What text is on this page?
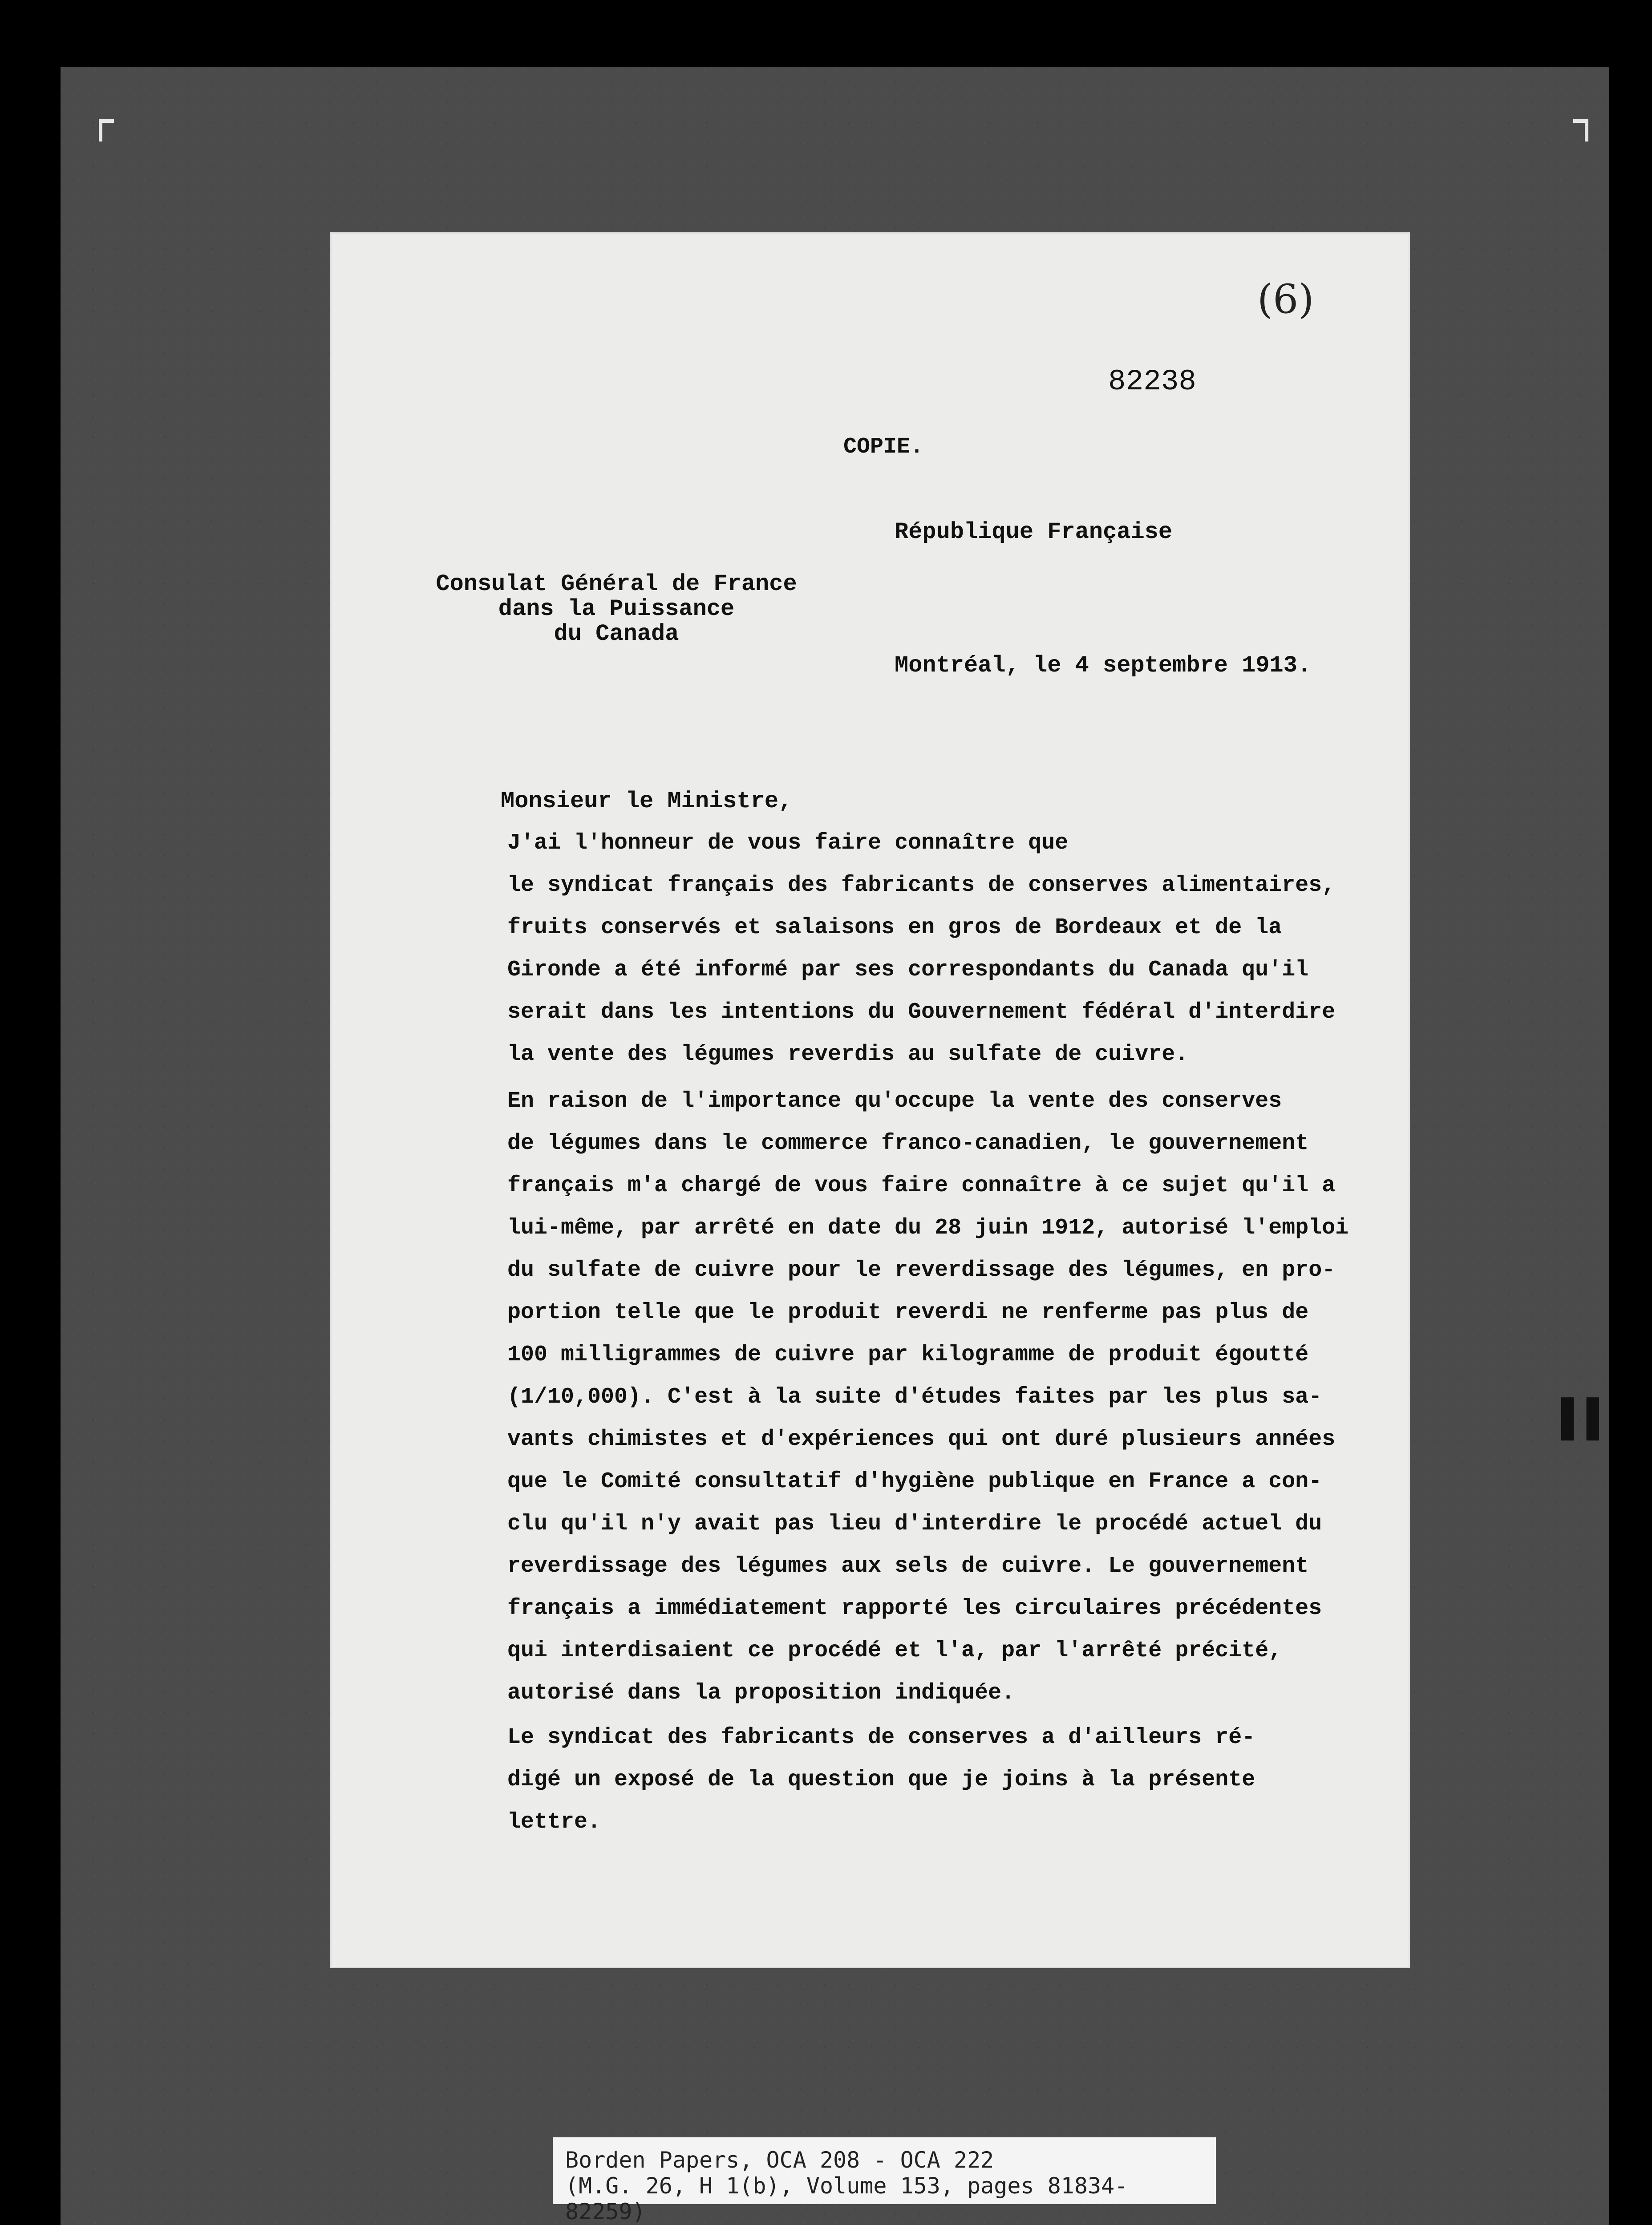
▌▌
(6)
82238
COPIE.
République Française
Consulat Général de France
dans la Puissance
du Canada
Montréal, le 4 septembre 1913.
Monsieur le Ministre,
J'ai l'honneur de vous faire connaître que
le syndicat français des fabricants de conserves alimentaires,
fruits conservés et salaisons en gros de Bordeaux et de la
Gironde a été informé par ses correspondants du Canada qu'il
serait dans les intentions du Gouvernement fédéral d'interdire
la vente des légumes reverdis au sulfate de cuivre.
En raison de l'importance qu'occupe la vente des conserves
de légumes dans le commerce franco-canadien, le gouvernement
français m'a chargé de vous faire connaître à ce sujet qu'il a
lui-même, par arrêté en date du 28 juin 1912, autorisé l'emploi
du sulfate de cuivre pour le reverdissage des légumes, en pro-
portion telle que le produit reverdi ne renferme pas plus de
100 milligrammes de cuivre par kilogramme de produit égoutté
(1/10,000). C'est à la suite d'études faites par les plus sa-
vants chimistes et d'expériences qui ont duré plusieurs années
que le Comité consultatif d'hygiène publique en France a con-
clu qu'il n'y avait pas lieu d'interdire le procédé actuel du
reverdissage des légumes aux sels de cuivre. Le gouvernement
français a immédiatement rapporté les circulaires précédentes
qui interdisaient ce procédé et l'a, par l'arrêté précité,
autorisé dans la proposition indiquée.
Le syndicat des fabricants de conserves a d'ailleurs ré-
digé un exposé de la question que je joins à la présente
lettre.
Borden Papers, OCA 208 - OCA 222
(M.G. 26, H 1(b), Volume 153, pages 81834-82259)
